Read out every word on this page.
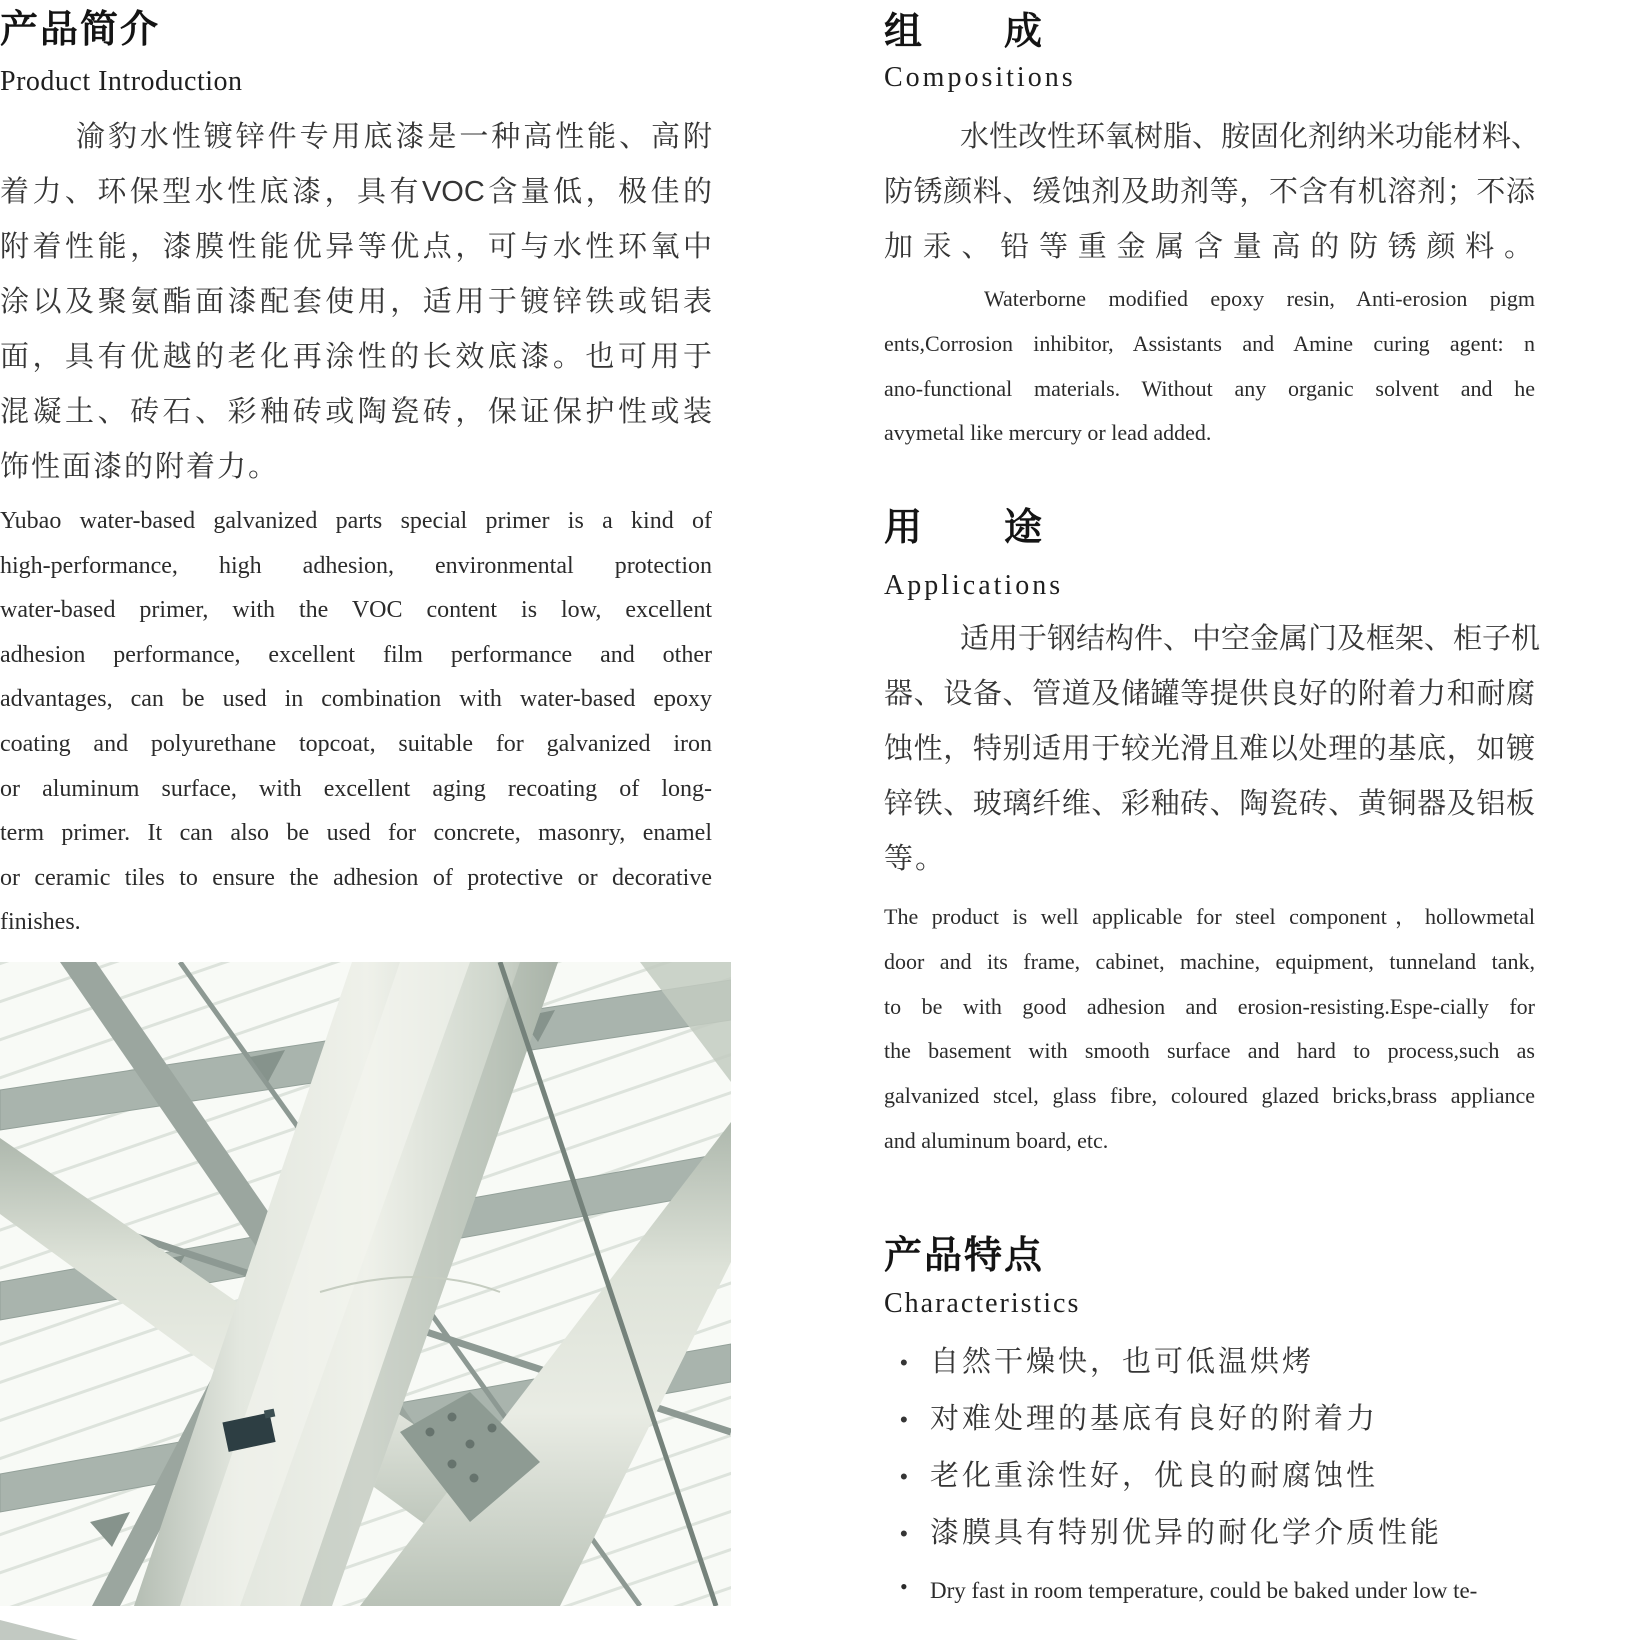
产品简介
Product Introduction
渝豹水性镀锌件专用底漆是一种高性能、高附
着力、环保型水性底漆，具有VOC含量低，极佳的
附着性能，漆膜性能优异等优点，可与水性环氧中
涂以及聚氨酯面漆配套使用，适用于镀锌铁或铝表
面，具有优越的老化再涂性的长效底漆。也可用于
混凝土、砖石、彩釉砖或陶瓷砖，保证保护性或装
饰性面漆的附着力。
Yubao water-based galvanized parts special primer is a kind of
high-performance, high adhesion, environmental protection
water-based primer, with the VOC content is low, excellent
adhesion performance, excellent film performance and other
advantages, can be used in combination with water-based epoxy
coating and polyurethane topcoat, suitable for galvanized iron
or aluminum surface, with excellent aging recoating of long-
term primer. It can also be used for concrete, masonry, enamel
or ceramic tiles to ensure the adhesion of protective or decorative
finishes.
组　　成
Compositions
水性改性环氧树脂、胺固化剂纳米功能材料、
防锈颜料、缓蚀剂及助剂等，不含有机溶剂；不添
加汞、铅等重金属含量高的防锈颜料。
Waterborne modified epoxy resin, Anti-erosion pigm
ents,Corrosion inhibitor, Assistants and Amine curing agent: n
ano-functional materials. Without any organic solvent and he
avymetal like mercury or lead added.
用　　途
Applications
适用于钢结构件、中空金属门及框架、柜子机
器、设备、管道及储罐等提供良好的附着力和耐腐
蚀性，特别适用于较光滑且难以处理的基底，如镀
锌铁、玻璃纤维、彩釉砖、陶瓷砖、黄铜器及铝板
等。
The product is well applicable for steel component，hollowmetal
door and its frame, cabinet, machine, equipment, tunneland tank,
to be with good adhesion and erosion-resisting.Espe-cially for
the basement with smooth surface and hard to process,such as
galvanized stcel, glass fibre, coloured glazed bricks,brass appliance
and aluminum board, etc.
产品特点
Characteristics
• 自然干燥快，也可低温烘烤
• 对难处理的基底有良好的附着力
• 老化重涂性好，优良的耐腐蚀性
• 漆膜具有特别优异的耐化学介质性能
• Dry fast in room temperature, could be baked under low te-
